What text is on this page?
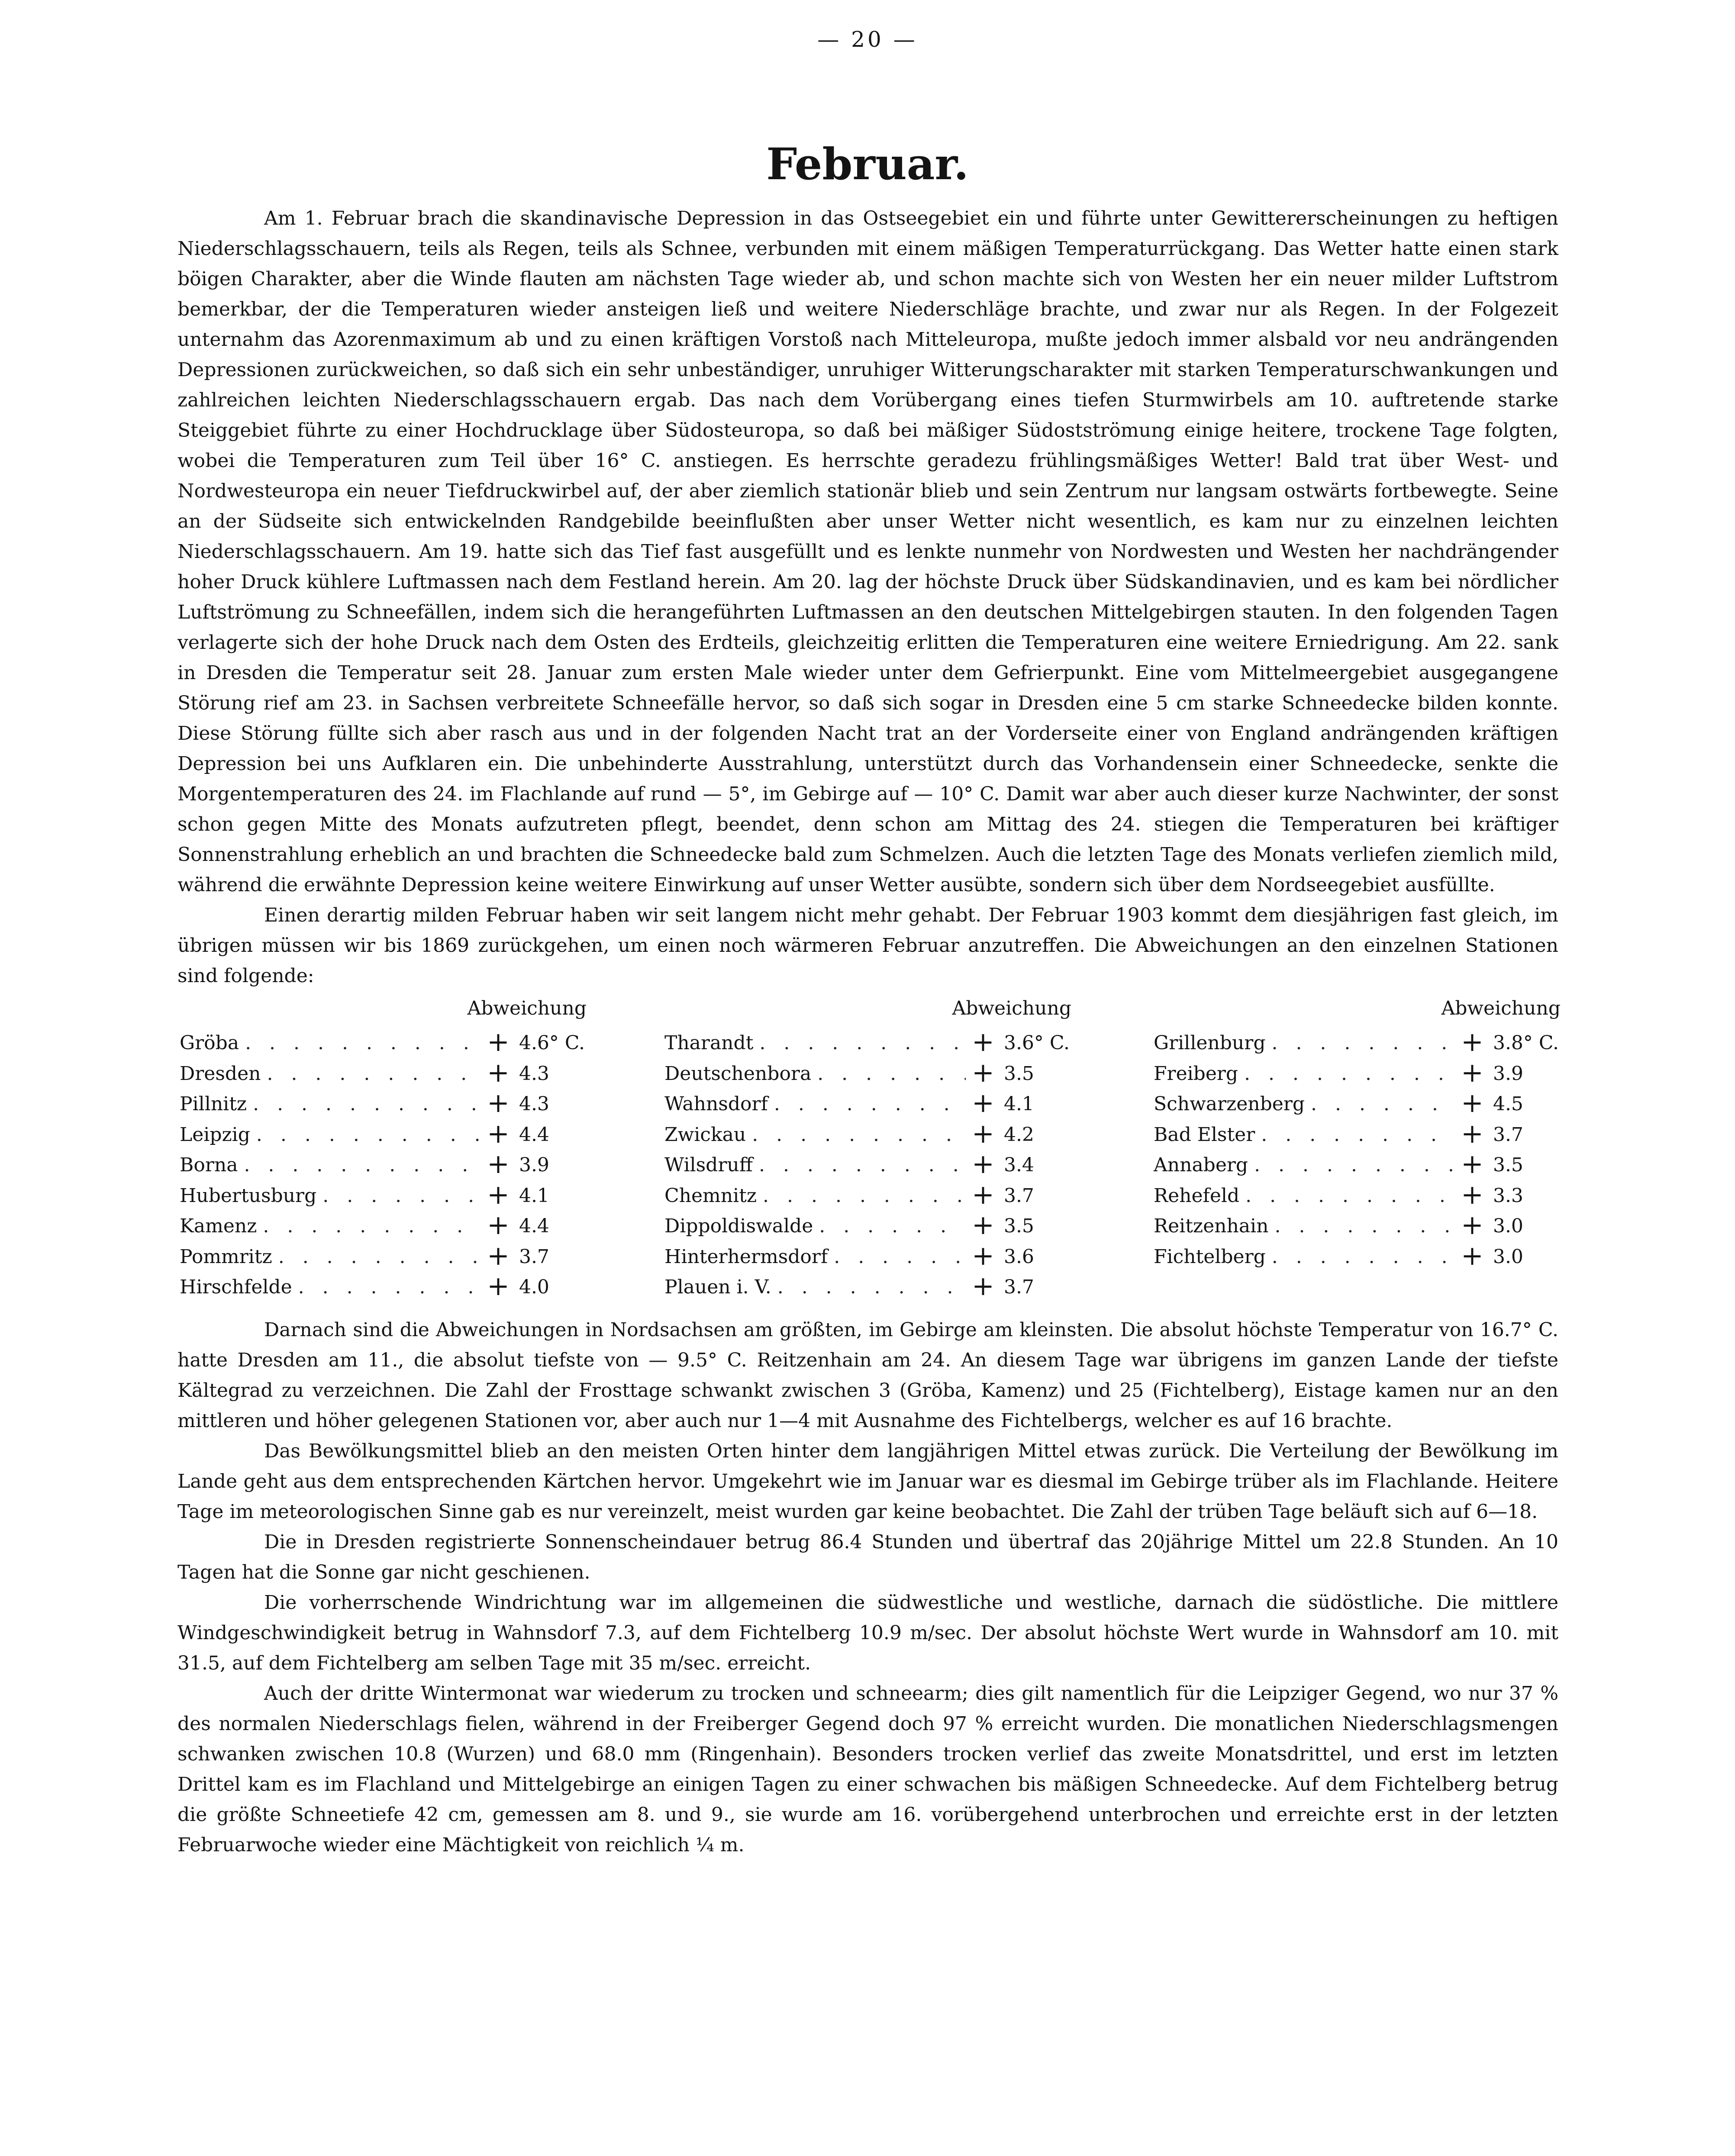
— 20 —
Februar.

Am 1. Februar brach die skandinavische Depression in das Ostseegebiet ein und führte unter Gewittererscheinungen zu heftigen Niederschlagsschauern, teils als Regen, teils als Schnee, verbunden mit einem mäßigen Temperaturrückgang. Das Wetter hatte einen stark böigen Charakter, aber die Winde flauten am nächsten Tage wieder ab, und schon machte sich von Westen her ein neuer milder Luftstrom bemerkbar, der die Temperaturen wieder ansteigen ließ und weitere Niederschläge brachte, und zwar nur als Regen. In der Folgezeit unternahm das Azorenmaximum ab und zu einen kräftigen Vorstoß nach Mitteleuropa, mußte jedoch immer alsbald vor neu andrängenden Depressionen zurückweichen, so daß sich ein sehr unbeständiger, unruhiger Witterungscharakter mit starken Temperaturschwankungen und zahlreichen leichten Niederschlagsschauern ergab. Das nach dem Vorübergang eines tiefen Sturmwirbels am 10. auftretende starke Steiggebiet führte zu einer Hochdrucklage über Südosteuropa, so daß bei mäßiger Südostströmung einige heitere, trockene Tage folgten, wobei die Temperaturen zum Teil über 16° C. anstiegen. Es herrschte geradezu frühlingsmäßiges Wetter! Bald trat über West- und Nordwesteuropa ein neuer Tiefdruckwirbel auf, der aber ziemlich stationär blieb und sein Zentrum nur langsam ostwärts fortbewegte. Seine an der Südseite sich entwickelnden Randgebilde beeinflußten aber unser Wetter nicht wesentlich, es kam nur zu einzelnen leichten Niederschlagsschauern. Am 19. hatte sich das Tief fast ausgefüllt und es lenkte nunmehr von Nordwesten und Westen her nachdrängender hoher Druck kühlere Luftmassen nach dem Festland herein. Am 20. lag der höchste Druck über Südskandinavien, und es kam bei nördlicher Luftströmung zu Schneefällen, indem sich die herangeführten Luftmassen an den deutschen Mittelgebirgen stauten. In den folgenden Tagen verlagerte sich der hohe Druck nach dem Osten des Erdteils, gleichzeitig erlitten die Temperaturen eine weitere Erniedrigung. Am 22. sank in Dresden die Temperatur seit 28. Januar zum ersten Male wieder unter dem Gefrierpunkt. Eine vom Mittelmeergebiet ausgegangene Störung rief am 23. in Sachsen verbreitete Schneefälle hervor, so daß sich sogar in Dresden eine 5 cm starke Schneedecke bilden konnte. Diese Störung füllte sich aber rasch aus und in der folgenden Nacht trat an der Vorderseite einer von England andrängenden kräftigen Depression bei uns Aufklaren ein. Die unbehinderte Ausstrahlung, unterstützt durch das Vorhandensein einer Schneedecke, senkte die Morgentemperaturen des 24. im Flachlande auf rund — 5°, im Gebirge auf — 10° C. Damit war aber auch dieser kurze Nachwinter, der sonst schon gegen Mitte des Monats aufzutreten pflegt, beendet, denn schon am Mittag des 24. stiegen die Temperaturen bei kräftiger Sonnenstrahlung erheblich an und brachten die Schneedecke bald zum Schmelzen. Auch die letzten Tage des Monats verliefen ziemlich mild, während die erwähnte Depression keine weitere Einwirkung auf unser Wetter ausübte, sondern sich über dem Nordseegebiet ausfüllte.

Einen derartig milden Februar haben wir seit langem nicht mehr gehabt. Der Februar 1903 kommt dem diesjährigen fast gleich, im übrigen müssen wir bis 1869 zurückgehen, um einen noch wärmeren Februar anzutreffen. Die Abweichungen an den einzelnen Stationen sind folgende:

Abweichung
Gröba . . .	+ 4.6° C.
Dresden . . .	+ 4.3
Pillnitz . . .	+ 4.3
Leipzig . . .	+ 4.4
Borna . . .	+ 3.9
Hubertusburg . . .	+ 4.1
Kamenz . . .	+ 4.4
Pommritz . . .	+ 3.7
Hirschfelde . . .	+ 4.0
Abweichung
Tharandt . . .	+ 3.6° C.
Deutschenbora . . .	+ 3.5
Wahnsdorf . . .	+ 4.1
Zwickau . . .	+ 4.2
Wilsdruff . . .	+ 3.4
Chemnitz . . .	+ 3.7
Dippoldiswalde . . .	+ 3.5
Hinterhermsdorf . . .	+ 3.6
Plauen i. V. . . .	+ 3.7
Abweichung
Grillenburg . . .	+ 3.8° C.
Freiberg . . .	+ 3.9
Schwarzenberg . . .	+ 4.5
Bad Elster . . .	+ 3.7
Annaberg . . .	+ 3.5
Rehefeld . . .	+ 3.3
Reitzenhain . . .	+ 3.0
Fichtelberg . . .	+ 3.0

Darnach sind die Abweichungen in Nordsachsen am größten, im Gebirge am kleinsten. Die absolut höchste Temperatur von 16.7° C. hatte Dresden am 11., die absolut tiefste von — 9.5° C. Reitzenhain am 24. An diesem Tage war übrigens im ganzen Lande der tiefste Kältegrad zu verzeichnen. Die Zahl der Frosttage schwankt zwischen 3 (Gröba, Kamenz) und 25 (Fichtelberg), Eistage kamen nur an den mittleren und höher gelegenen Stationen vor, aber auch nur 1—4 mit Ausnahme des Fichtelbergs, welcher es auf 16 brachte.

Das Bewölkungsmittel blieb an den meisten Orten hinter dem langjährigen Mittel etwas zurück. Die Verteilung der Bewölkung im Lande geht aus dem entsprechenden Kärtchen hervor. Umgekehrt wie im Januar war es diesmal im Gebirge trüber als im Flachlande. Heitere Tage im meteorologischen Sinne gab es nur vereinzelt, meist wurden gar keine beobachtet. Die Zahl der trüben Tage beläuft sich auf 6—18.

Die in Dresden registrierte Sonnenscheindauer betrug 86.4 Stunden und übertraf das 20jährige Mittel um 22.8 Stunden. An 10 Tagen hat die Sonne gar nicht geschienen.

Die vorherrschende Windrichtung war im allgemeinen die südwestliche und westliche, darnach die südöstliche. Die mittlere Windgeschwindigkeit betrug in Wahnsdorf 7.3, auf dem Fichtelberg 10.9 m/sec. Der absolut höchste Wert wurde in Wahnsdorf am 10. mit 31.5, auf dem Fichtelberg am selben Tage mit 35 m/sec. erreicht.

Auch der dritte Wintermonat war wiederum zu trocken und schneearm; dies gilt namentlich für die Leipziger Gegend, wo nur 37 % des normalen Niederschlags fielen, während in der Freiberger Gegend doch 97 % erreicht wurden. Die monatlichen Niederschlagsmengen schwanken zwischen 10.8 (Wurzen) und 68.0 mm (Ringenhain). Besonders trocken verlief das zweite Monatsdrittel, und erst im letzten Drittel kam es im Flachland und Mittelgebirge an einigen Tagen zu einer schwachen bis mäßigen Schneedecke. Auf dem Fichtelberg betrug die größte Schneetiefe 42 cm, gemessen am 8. und 9., sie wurde am 16. vorübergehend unterbrochen und erreichte erst in der letzten Februarwoche wieder eine Mächtigkeit von reichlich ¼ m.
